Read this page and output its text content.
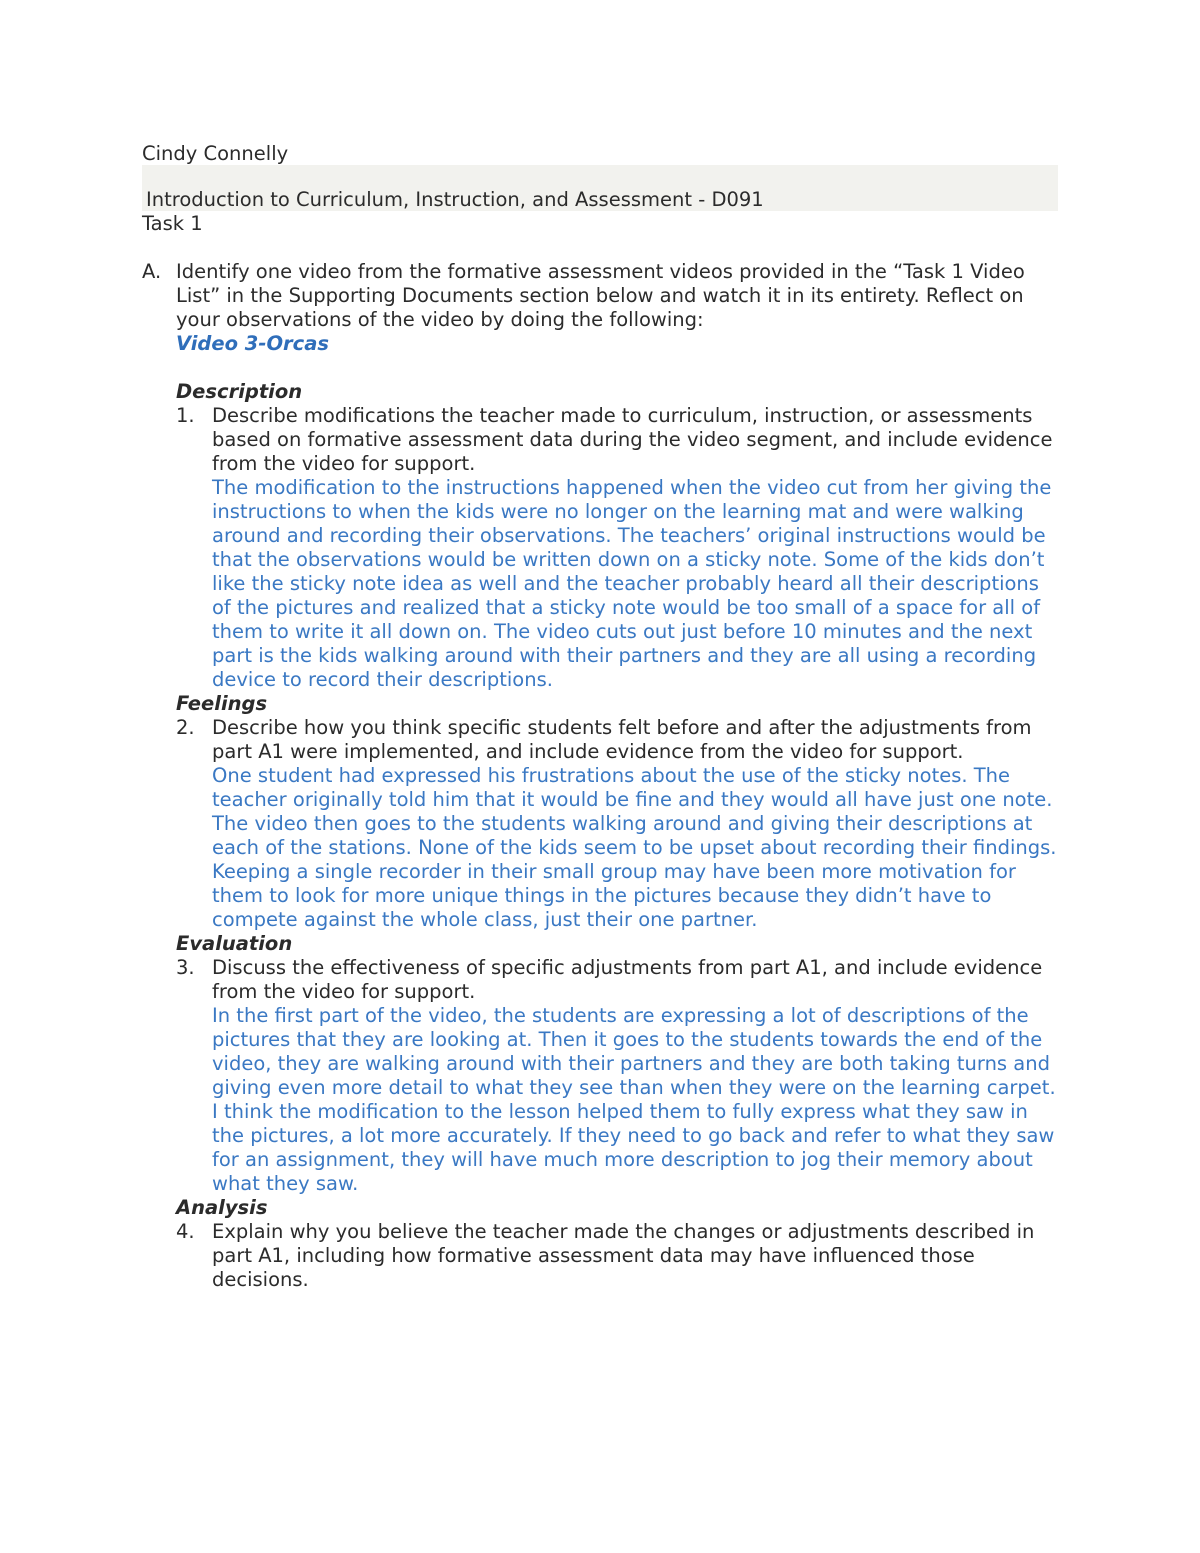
Cindy Connelly
Introduction to Curriculum, Instruction, and Assessment - D091
Task 1
A. Identify one video from the formative assessment videos provided in the “Task 1 Video List” in the Supporting Documents section below and watch it in its entirety. Reflect on your observations of the video by doing the following:
Video 3-Orcas
Description
1. Describe modifications the teacher made to curriculum, instruction, or assessments based on formative assessment data during the video segment, and include evidence from the video for support.
The modification to the instructions happened when the video cut from her giving the instructions to when the kids were no longer on the learning mat and were walking around and recording their observations. The teachers’ original instructions would be that the observations would be written down on a sticky note. Some of the kids don’t like the sticky note idea as well and the teacher probably heard all their descriptions of the pictures and realized that a sticky note would be too small of a space for all of them to write it all down on. The video cuts out just before 10 minutes and the next part is the kids walking around with their partners and they are all using a recording device to record their descriptions.
Feelings
2. Describe how you think specific students felt before and after the adjustments from part A1 were implemented, and include evidence from the video for support.
One student had expressed his frustrations about the use of the sticky notes. The teacher originally told him that it would be fine and they would all have just one note. The video then goes to the students walking around and giving their descriptions at each of the stations. None of the kids seem to be upset about recording their findings. Keeping a single recorder in their small group may have been more motivation for them to look for more unique things in the pictures because they didn’t have to compete against the whole class, just their one partner.
Evaluation
3. Discuss the effectiveness of specific adjustments from part A1, and include evidence from the video for support.
In the first part of the video, the students are expressing a lot of descriptions of the pictures that they are looking at. Then it goes to the students towards the end of the video, they are walking around with their partners and they are both taking turns and giving even more detail to what they see than when they were on the learning carpet. I think the modification to the lesson helped them to fully express what they saw in the pictures, a lot more accurately. If they need to go back and refer to what they saw for an assignment, they will have much more description to jog their memory about what they saw.
Analysis
4. Explain why you believe the teacher made the changes or adjustments described in part A1, including how formative assessment data may have influenced those decisions.
